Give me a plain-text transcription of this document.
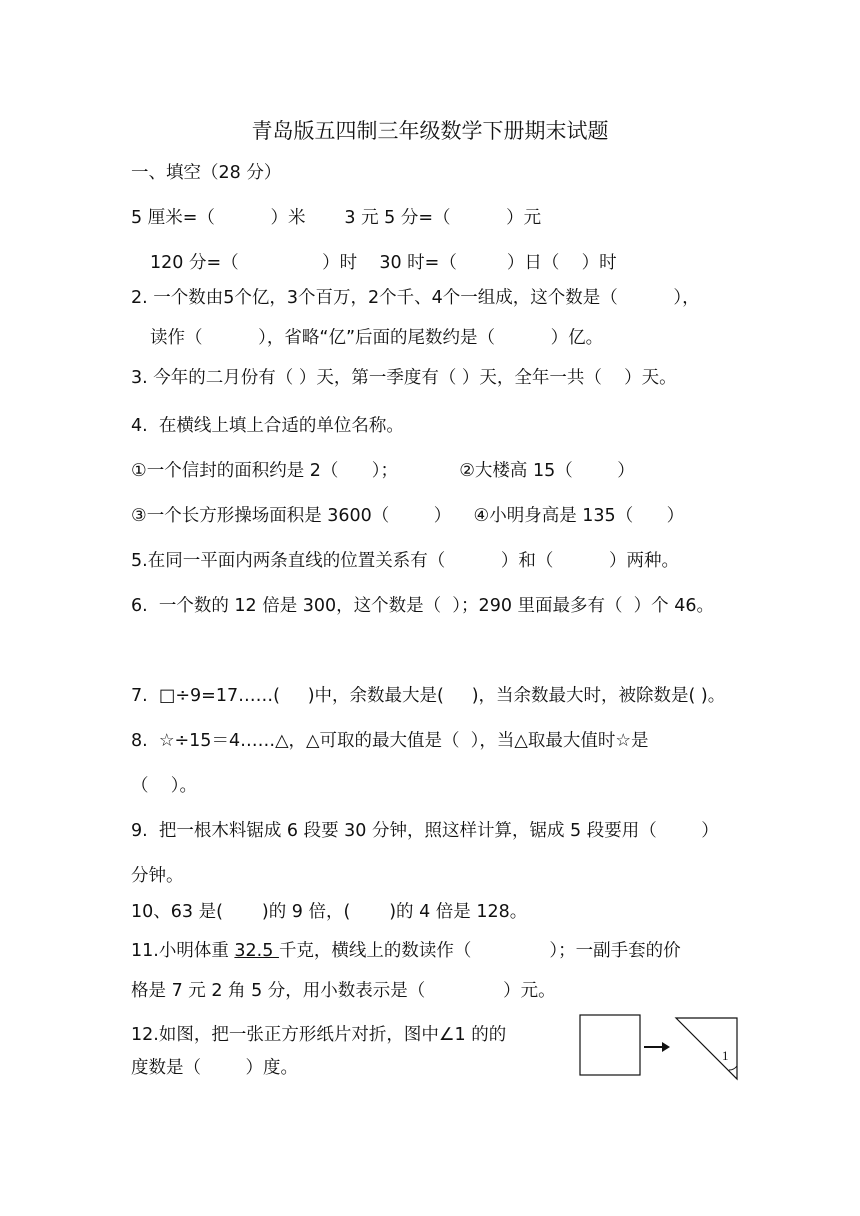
青岛版五四制三年级数学下册期末试题
一、填空（28 分）
5 厘米=（          ）米       3 元 5 分=（          ）元
120 分=（               ）时    30 时=（         ）日（    ）时
2. 一个数由5个亿，3个百万，2个千、4个一组成，这个数是（          ），
读作（          ），省略“亿”后面的尾数约是（          ）亿。
3. 今年的二月份有（ ）天，第一季度有（ ）天，全年一共（    ）天。
4.  在横线上填上合适的单位名称。
①一个信封的面积约是 2（      ）；           ②大楼高 15（        ）
③一个长方形操场面积是 3600（        ）    ④小明身高是 135（      ）
5.在同一平面内两条直线的位置关系有（          ）和（          ）两种。
6.  一个数的 12 倍是 300，这个数是（  ）；290 里面最多有（  ）个 46。
7.  □÷9=17……(     )中，余数最大是(     )，当余数最大时，被除数是( )。
8.  ☆÷15＝4……△，△可取的最大值是（  ），当△取最大值时☆是
（    ）。
9.  把一根木料锯成 6 段要 30 分钟，照这样计算，锯成 5 段要用（        ）
分钟。
10、63 是(       )的 9 倍，(       )的 4 倍是 128。
11.小明体重 32.5 千克，横线上的数读作（              ）；一副手套的价
格是 7 元 2 角 5 分，用小数表示是（              ）元。
12.如图，把一张正方形纸片对折，图中∠1 的的
度数是（        ）度。
1
